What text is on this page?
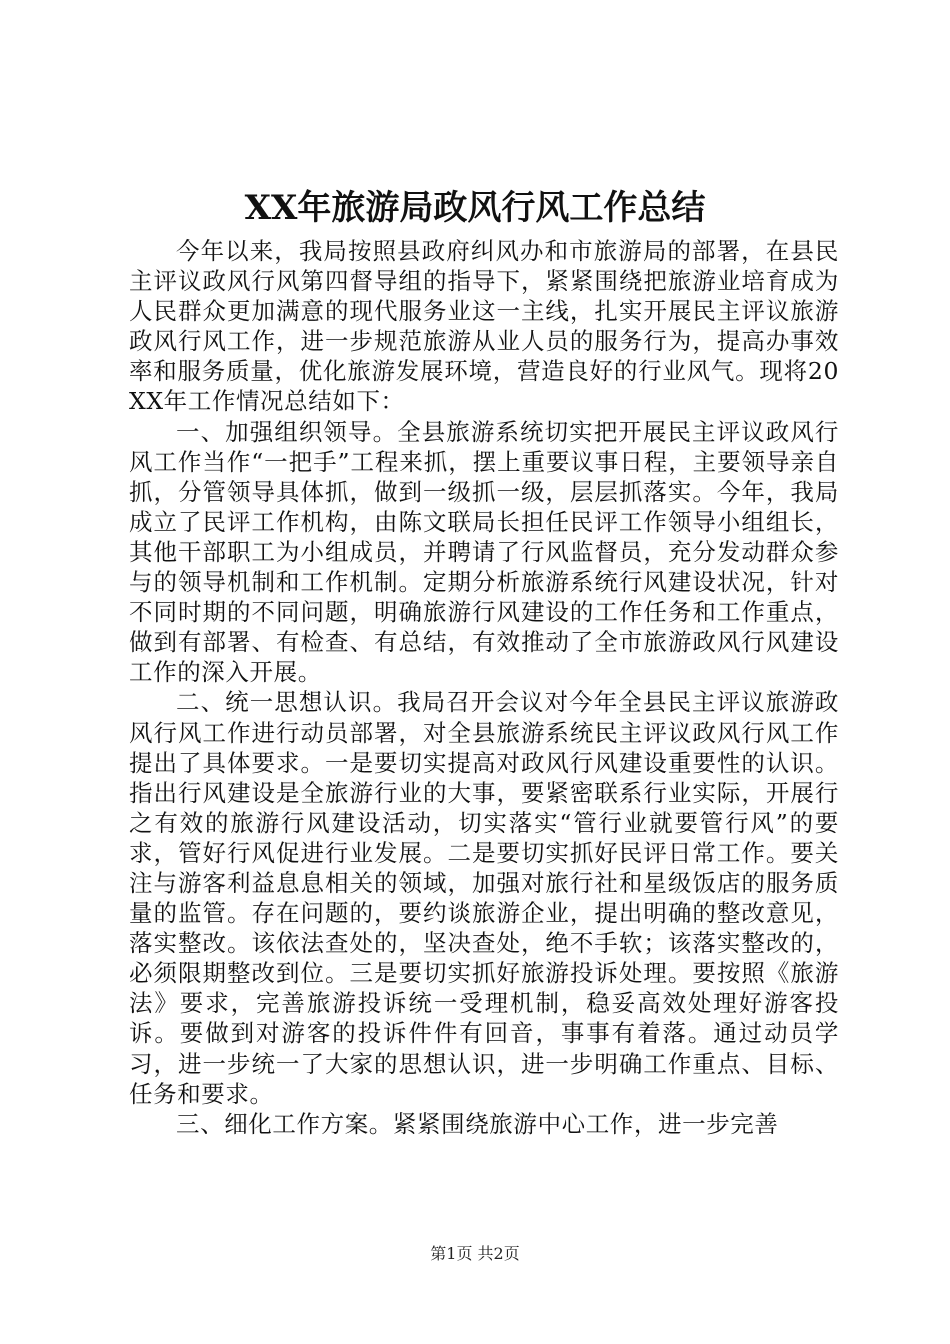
XX年旅游局政风行风工作总结

今年以来，我局按照县政府纠风办和市旅游局的部署，在县民主评议政风行风第四督导组的指导下，紧紧围绕把旅游业培育成为人民群众更加满意的现代服务业这一主线，扎实开展民主评议旅游政风行风工作，进一步规范旅游从业人员的服务行为，提高办事效率和服务质量，优化旅游发展环境，营造良好的行业风气。现将20XX年工作情况总结如下：

一、加强组织领导。全县旅游系统切实把开展民主评议政风行风工作当作“一把手”工程来抓，摆上重要议事日程，主要领导亲自抓，分管领导具体抓，做到一级抓一级，层层抓落实。今年，我局成立了民评工作机构，由陈文联局长担任民评工作领导小组组长，其他干部职工为小组成员，并聘请了行风监督员，充分发动群众参与的领导机制和工作机制。定期分析旅游系统行风建设状况，针对不同时期的不同问题，明确旅游行风建设的工作任务和工作重点，做到有部署、有检查、有总结，有效推动了全市旅游政风行风建设工作的深入开展。

二、统一思想认识。我局召开会议对今年全县民主评议旅游政风行风工作进行动员部署，对全县旅游系统民主评议政风行风工作提出了具体要求。一是要切实提高对政风行风建设重要性的认识。指出行风建设是全旅游行业的大事，要紧密联系行业实际，开展行之有效的旅游行风建设活动，切实落实“管行业就要管行风”的要求，管好行风促进行业发展。二是要切实抓好民评日常工作。要关注与游客利益息息相关的领域，加强对旅行社和星级饭店的服务质量的监管。存在问题的，要约谈旅游企业，提出明确的整改意见，落实整改。该依法查处的，坚决查处，绝不手软；该落实整改的，必须限期整改到位。三是要切实抓好旅游投诉处理。要按照《旅游法》要求，完善旅游投诉统一受理机制，稳妥高效处理好游客投诉。要做到对游客的投诉件件有回音，事事有着落。通过动员学习，进一步统一了大家的思想认识，进一步明确工作重点、目标、任务和要求。

三、细化工作方案。紧紧围绕旅游中心工作，进一步完善

第1页 共2页
